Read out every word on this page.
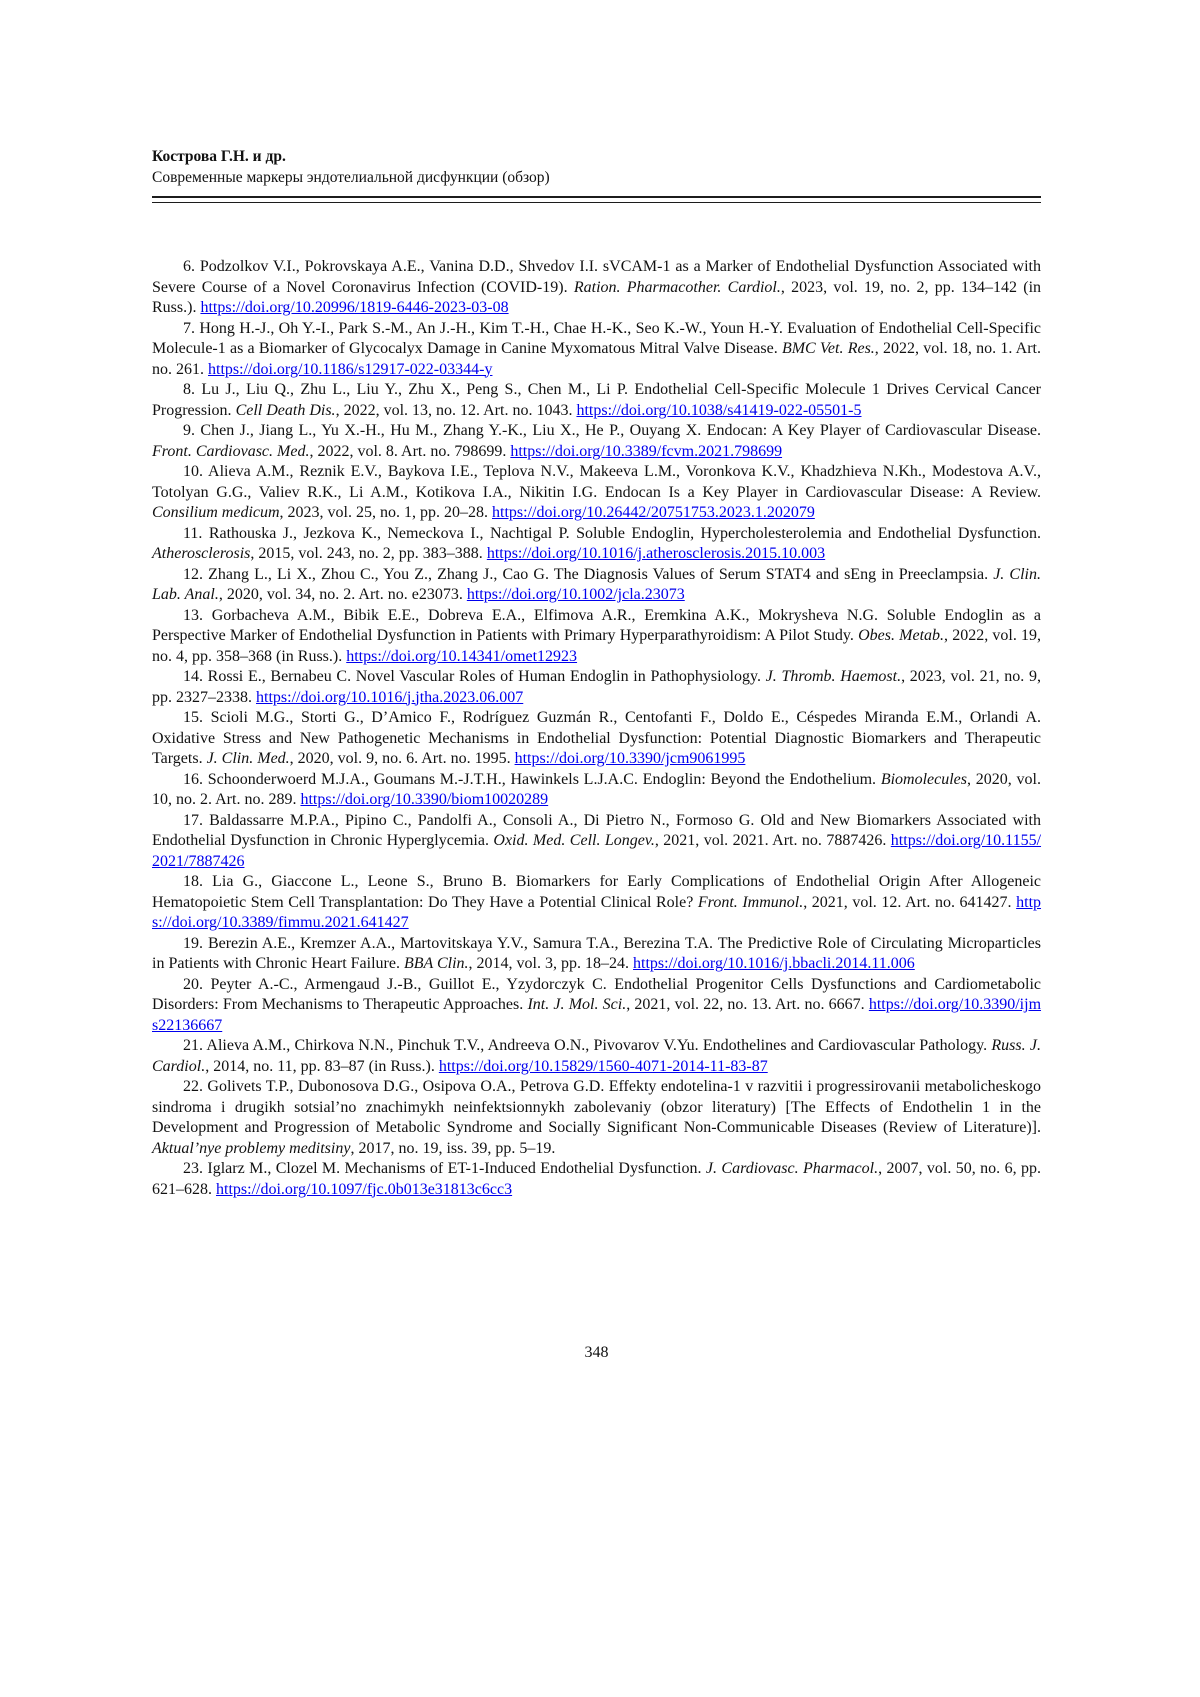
Кострова Г.Н. и др.
Современные маркеры эндотелиальной дисфункции (обзор)

6. Podzolkov V.I., Pokrovskaya A.E., Vanina D.D., Shvedov I.I. sVCAM-1 as a Marker of Endothelial Dysfunction Associated with Severe Course of a Novel Coronavirus Infection (COVID-19). Ration. Pharmacother. Cardiol., 2023, vol. 19, no. 2, pp. 134–142 (in Russ.). https://doi.org/10.20996/1819-6446-2023-03-08

7. Hong H.-J., Oh Y.-I., Park S.-M., An J.-H., Kim T.-H., Chae H.-K., Seo K.-W., Youn H.-Y. Evaluation of Endothelial Cell-Specific Molecule-1 as a Biomarker of Glycocalyx Damage in Canine Myxomatous Mitral Valve Disease. BMC Vet. Res., 2022, vol. 18, no. 1. Art. no. 261. https://doi.org/10.1186/s12917-022-03344-y

8. Lu J., Liu Q., Zhu L., Liu Y., Zhu X., Peng S., Chen M., Li P. Endothelial Cell-Specific Molecule 1 Drives Cervical Cancer Progression. Cell Death Dis., 2022, vol. 13, no. 12. Art. no. 1043. https://doi.org/10.1038/s41419-022-05501-5

9. Chen J., Jiang L., Yu X.-H., Hu M., Zhang Y.-K., Liu X., He P., Ouyang X. Endocan: A Key Player of Cardiovascular Disease. Front. Cardiovasc. Med., 2022, vol. 8. Art. no. 798699. https://doi.org/10.3389/fcvm.2021.798699

10. Alieva A.M., Reznik E.V., Baykova I.E., Teplova N.V., Makeeva L.M., Voronkova K.V., Khadzhieva N.Kh., Modestova A.V., Totolyan G.G., Valiev R.K., Li A.M., Kotikova I.A., Nikitin I.G. Endocan Is a Key Player in Cardiovascular Disease: A Review. Consilium medicum, 2023, vol. 25, no. 1, pp. 20–28. https://doi.org/10.26442/20751753.2023.1.202079

11. Rathouska J., Jezkova K., Nemeckova I., Nachtigal P. Soluble Endoglin, Hypercholesterolemia and Endothelial Dysfunction. Atherosclerosis, 2015, vol. 243, no. 2, pp. 383–388. https://doi.org/10.1016/j.atherosclerosis.2015.10.003

12. Zhang L., Li X., Zhou C., You Z., Zhang J., Cao G. The Diagnosis Values of Serum STAT4 and sEng in Preeclampsia. J. Clin. Lab. Anal., 2020, vol. 34, no. 2. Art. no. e23073. https://doi.org/10.1002/jcla.23073

13. Gorbacheva A.M., Bibik E.E., Dobreva E.A., Elfimova A.R., Eremkina A.K., Mokrysheva N.G. Soluble Endoglin as a Perspective Marker of Endothelial Dysfunction in Patients with Primary Hyperparathyroidism: A Pilot Study. Obes. Metab., 2022, vol. 19, no. 4, pp. 358–368 (in Russ.). https://doi.org/10.14341/omet12923

14. Rossi E., Bernabeu C. Novel Vascular Roles of Human Endoglin in Pathophysiology. J. Thromb. Haemost., 2023, vol. 21, no. 9, pp. 2327–2338. https://doi.org/10.1016/j.jtha.2023.06.007

15. Scioli M.G., Storti G., D’Amico F., Rodríguez Guzmán R., Centofanti F., Doldo E., Céspedes Miranda E.M., Orlandi A. Oxidative Stress and New Pathogenetic Mechanisms in Endothelial Dysfunction: Potential Diagnostic Biomarkers and Therapeutic Targets. J. Clin. Med., 2020, vol. 9, no. 6. Art. no. 1995. https://doi.org/10.3390/jcm9061995

16. Schoonderwoerd M.J.A., Goumans M.-J.T.H., Hawinkels L.J.A.C. Endoglin: Beyond the Endothelium. Biomolecules, 2020, vol. 10, no. 2. Art. no. 289. https://doi.org/10.3390/biom10020289

17. Baldassarre M.P.A., Pipino C., Pandolfi A., Consoli A., Di Pietro N., Formoso G. Old and New Biomarkers Associated with Endothelial Dysfunction in Chronic Hyperglycemia. Oxid. Med. Cell. Longev., 2021, vol. 2021. Art. no. 7887426. https://doi.org/10.1155/2021/7887426

18. Lia G., Giaccone L., Leone S., Bruno B. Biomarkers for Early Complications of Endothelial Origin After Allogeneic Hematopoietic Stem Cell Transplantation: Do They Have a Potential Clinical Role? Front. Immunol., 2021, vol. 12. Art. no. 641427. https://doi.org/10.3389/fimmu.2021.641427

19. Berezin A.E., Kremzer A.A., Martovitskaya Y.V., Samura T.A., Berezina T.A. The Predictive Role of Circulating Microparticles in Patients with Chronic Heart Failure. BBA Clin., 2014, vol. 3, pp. 18–24. https://doi.org/10.1016/j.bbacli.2014.11.006

20. Peyter A.-C., Armengaud J.-B., Guillot E., Yzydorczyk C. Endothelial Progenitor Cells Dysfunctions and Cardiometabolic Disorders: From Mechanisms to Therapeutic Approaches. Int. J. Mol. Sci., 2021, vol. 22, no. 13. Art. no. 6667. https://doi.org/10.3390/ijms22136667

21. Alieva A.M., Chirkova N.N., Pinchuk T.V., Andreeva O.N., Pivovarov V.Yu. Endothelines and Cardiovascular Pathology. Russ. J. Cardiol., 2014, no. 11, pp. 83–87 (in Russ.). https://doi.org/10.15829/1560-4071-2014-11-83-87

22. Golivets T.P., Dubonosova D.G., Osipova O.A., Petrova G.D. Effekty endotelina-1 v razvitii i progressirovanii metabolicheskogo sindroma i drugikh sotsial’no znachimykh neinfektsionnykh zabolevaniy (obzor literatury) [The Effects of Endothelin 1 in the Development and Progression of Metabolic Syndrome and Socially Significant Non-Communicable Diseases (Review of Literature)]. Aktual’nye problemy meditsiny, 2017, no. 19, iss. 39, pp. 5–19.

23. Iglarz M., Clozel M. Mechanisms of ET-1-Induced Endothelial Dysfunction. J. Cardiovasc. Pharmacol., 2007, vol. 50, no. 6, pp. 621–628. https://doi.org/10.1097/fjc.0b013e31813c6cc3

348
